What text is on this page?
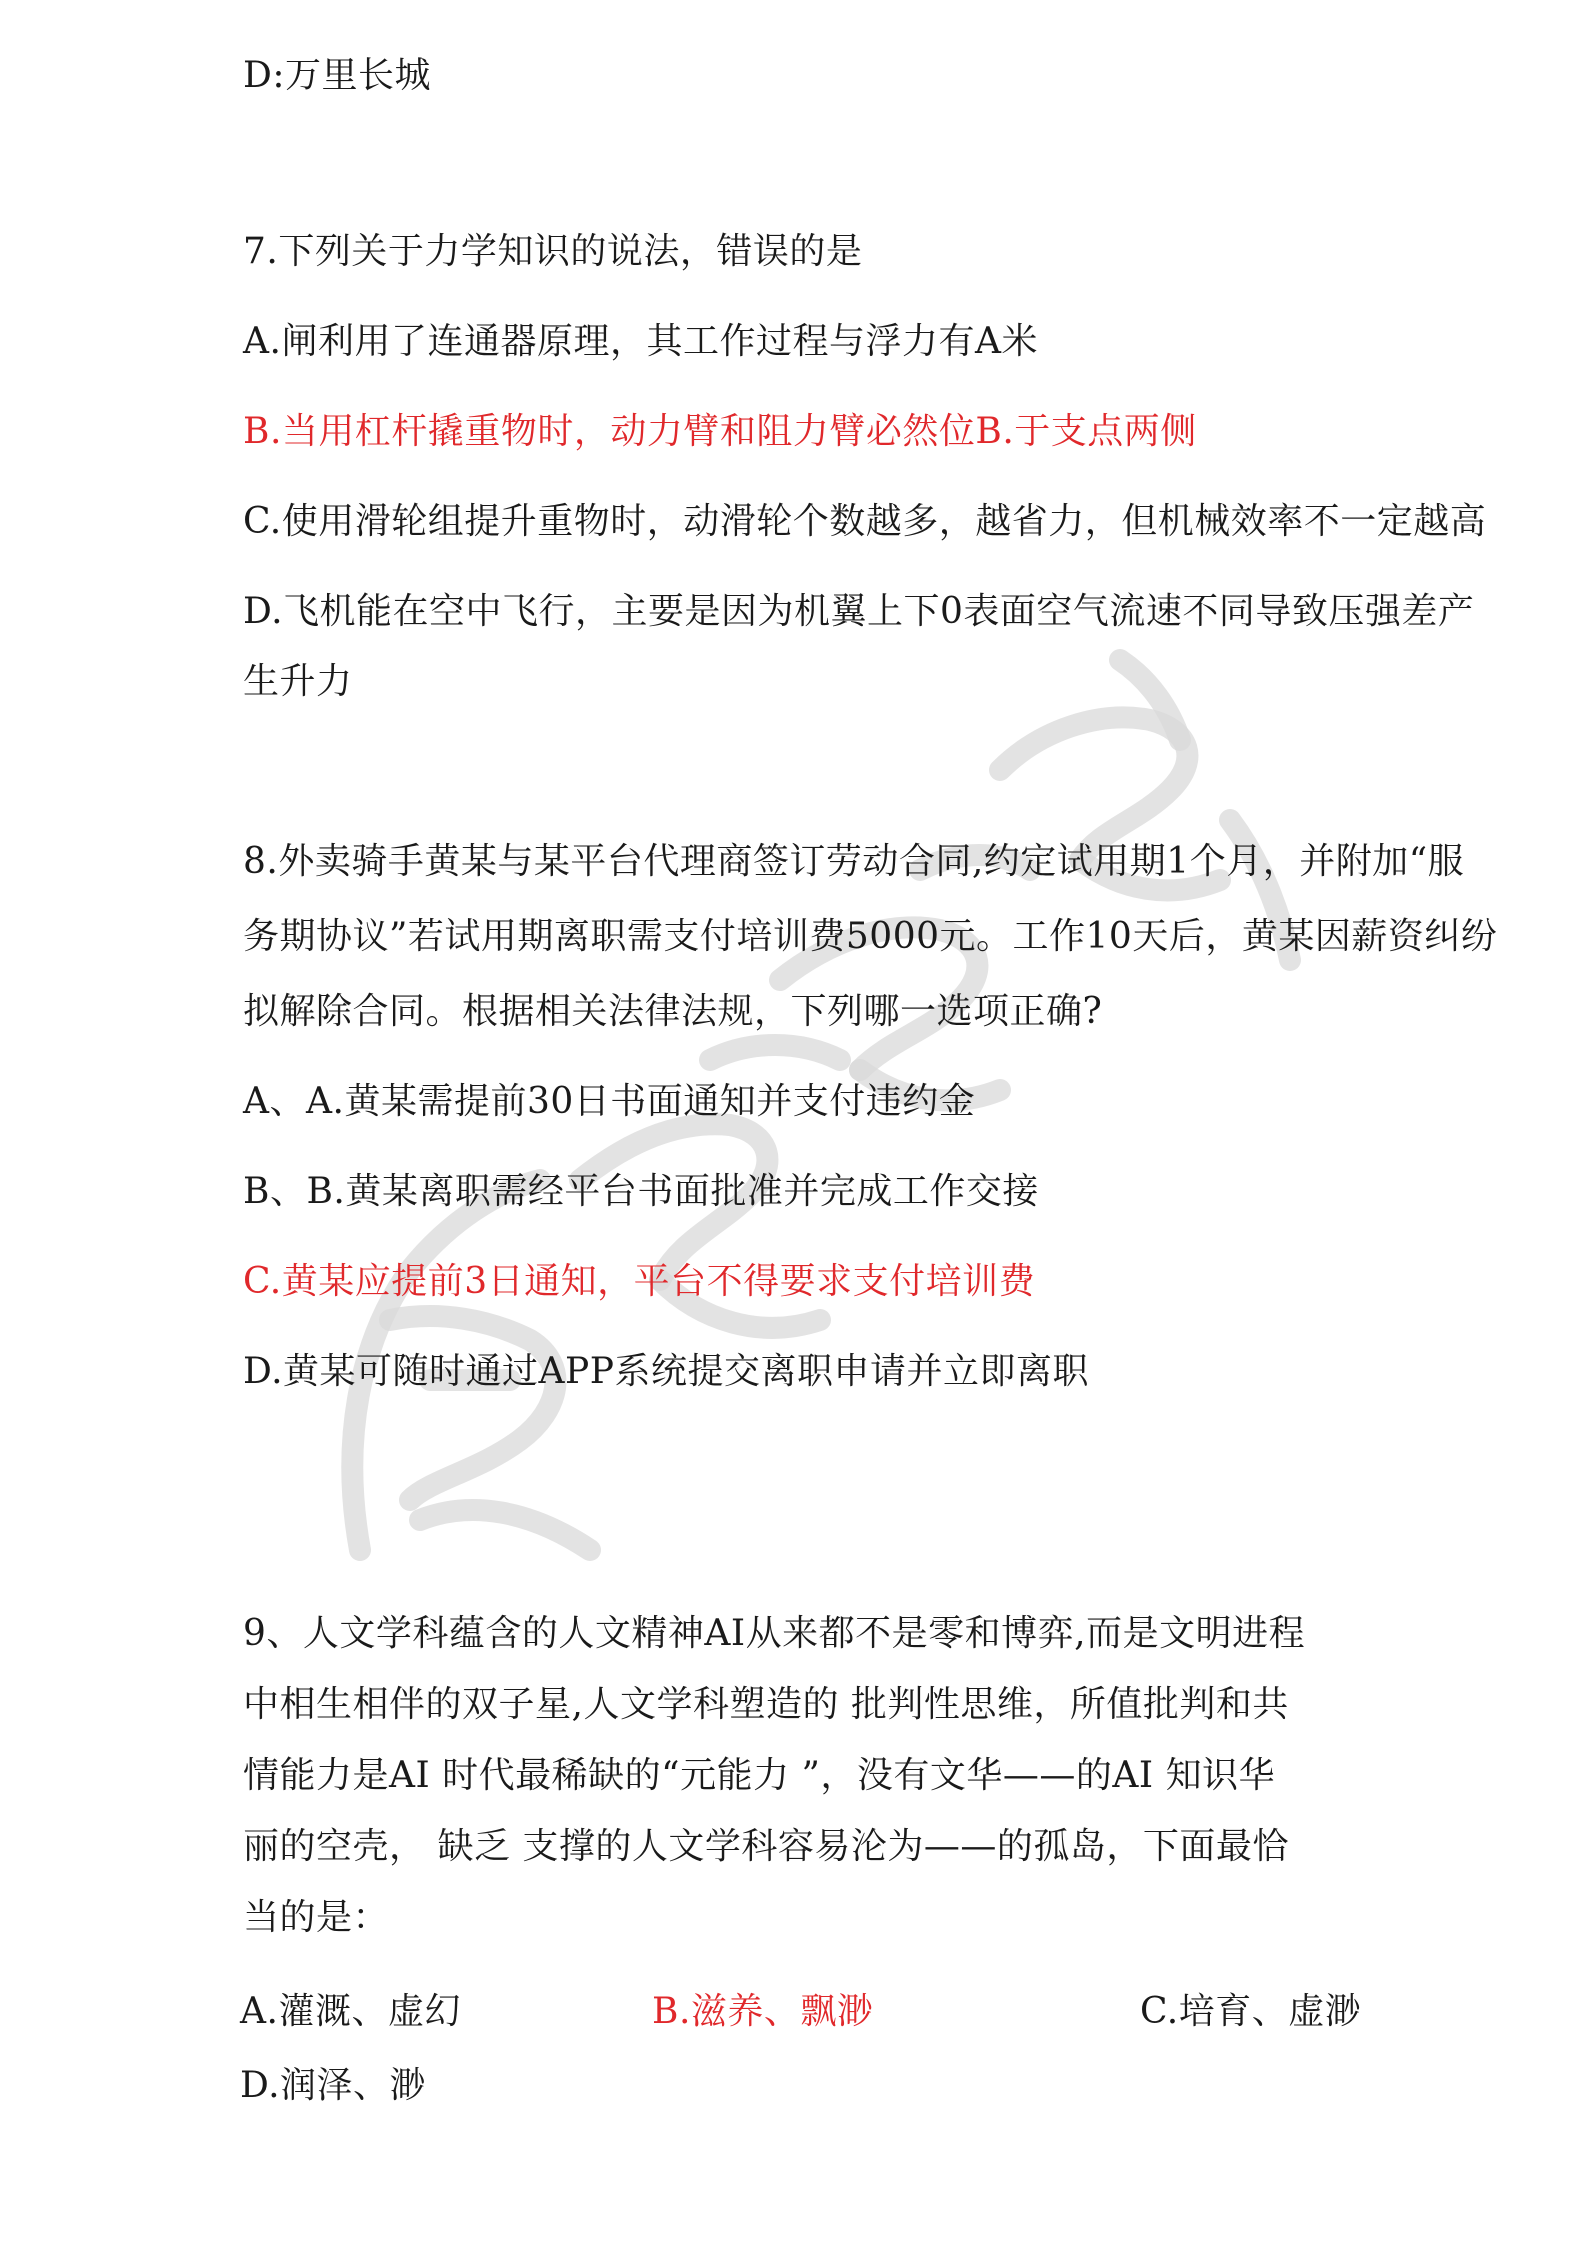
D:万里长城
7.下列关于力学知识的说法，错误的是
A.闸利用了连通器原理，其工作过程与浮力有A米
B.当用杠杆撬重物时，动力臂和阻力臂必然位B.于支点两侧
C.使用滑轮组提升重物时，动滑轮个数越多，越省力，但机械效率不一定越高
D.飞机能在空中飞行，主要是因为机翼上下0表面空气流速不同导致压强差产
生升力
8.外卖骑手黄某与某平台代理商签订劳动合同,约定试用期1个月，并附加“服
务期协议”若试用期离职需支付培训费5000元。工作10天后，黄某因薪资纠纷
拟解除合同。根据相关法律法规，下列哪一选项正确?
A、A.黄某需提前30日书面通知并支付违约金
B、B.黄某离职需经平台书面批准并完成工作交接
C.黄某应提前3日通知，平台不得要求支付培训费
D.黄某可随时通过APP系统提交离职申请并立即离职
9、人文学科蕴含的人文精神AI从来都不是零和博弈,而是文明进程
中相生相伴的双子星,人文学科塑造的 批判性思维，所值批判和共
情能力是AI 时代最稀缺的“元能力 ”，没有文华——的AI 知识华
丽的空壳， 缺乏 支撑的人文学科容易沦为——的孤岛，下面最恰
当的是：
A.灌溉、虚幻	B.滋养、飘渺	C.培育、虚渺
D.润泽、渺
